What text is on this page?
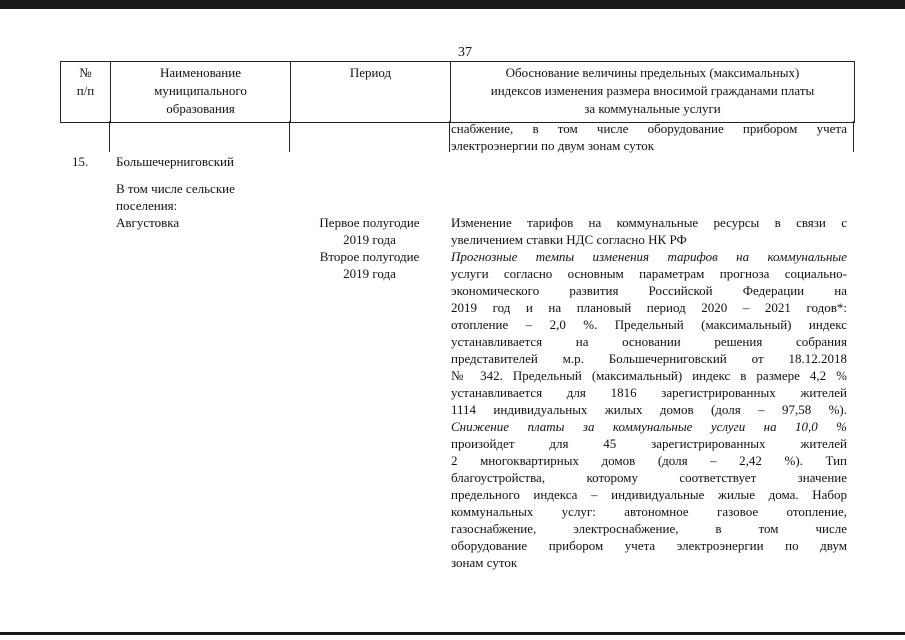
37
№
п/п
Наименование
муниципального
образования
Период	Обоснование величины предельных (максимальных)
индексов изменения размера вносимой гражданами платы
за коммунальные услуги
снабжение, в том числе оборудование прибором учета
электроэнергии по двум зонам суток
15. Большечерниговский
В том числе сельские
поселения:
Августовка	Первое полугодие
2019 года
Второе полугодие
2019 года
Изменение тарифов на коммунальные ресурсы в связи с
увеличением ставки НДС согласно НК РФ
Прогнозные темпы изменения тарифов на коммунальные
услуги согласно основным параметрам прогноза социально-
экономического развития Российской Федерации на
2019 год и на плановый период 2020 – 2021 годов*:
отопление – 2,0 %. Предельный (максимальный) индекс
устанавливается на основании решения собрания
представителей м.р. Большечерниговский от 18.12.2018
№ 342. Предельный (максимальный) индекс в размере 4,2 %
устанавливается для 1816 зарегистрированных жителей
1114 индивидуальных жилых домов (доля – 97,58 %).
Снижение платы за коммунальные услуги на 10,0 %
произойдет для 45 зарегистрированных жителей
2 многоквартирных домов (доля – 2,42 %). Тип
благоустройства, которому соответствует значение
предельного индекса – индивидуальные жилые дома. Набор
коммунальных услуг: автономное газовое отопление,
газоснабжение, электроснабжение, в том числе
оборудование прибором учета электроэнергии по двум
зонам суток
